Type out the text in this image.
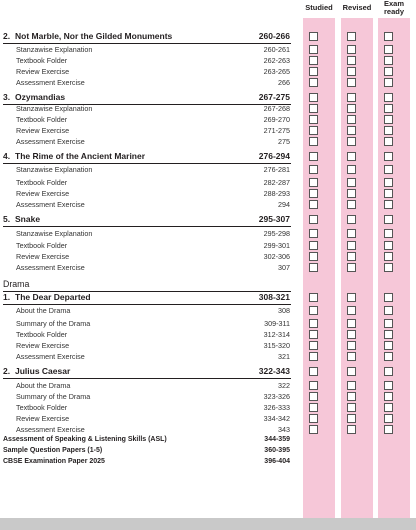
Studied	Revised	Exam ready
2. Not Marble, Nor the Gilded Monuments	260-266
Stanzawise Explanation	260-261
Textbook Folder	262-263
Review Exercise	263-265
Assessment Exercise	266
3. Ozymandias	267-275
Stanzawise Explanation	267-268
Textbook Folder	269-270
Review Exercise	271-275
Assessment Exercise	275
4. The Rime of the Ancient Mariner	276-294
Stanzawise Explanation	276-281
Textbook Folder	282-287
Review Exercise	288-293
Assessment Exercise	294
5. Snake	295-307
Stanzawise Explanation	295-298
Textbook Folder	299-301
Review Exercise	302-306
Assessment Exercise	307
Drama
1. The Dear Departed	308-321
About the Drama	308
Summary of the Drama	309-311
Textbook Folder	312-314
Review Exercise	315-320
Assessment Exercise	321
2. Julius Caesar	322-343
About the Drama	322
Summary of the Drama	323-326
Textbook Folder	326-333
Review Exercise	334-342
Assessment Exercise	343
Assessment of Speaking & Listening Skills (ASL)	344-359
Sample Question Papers (1-5)	360-395
CBSE Examination Paper 2025	396-404
